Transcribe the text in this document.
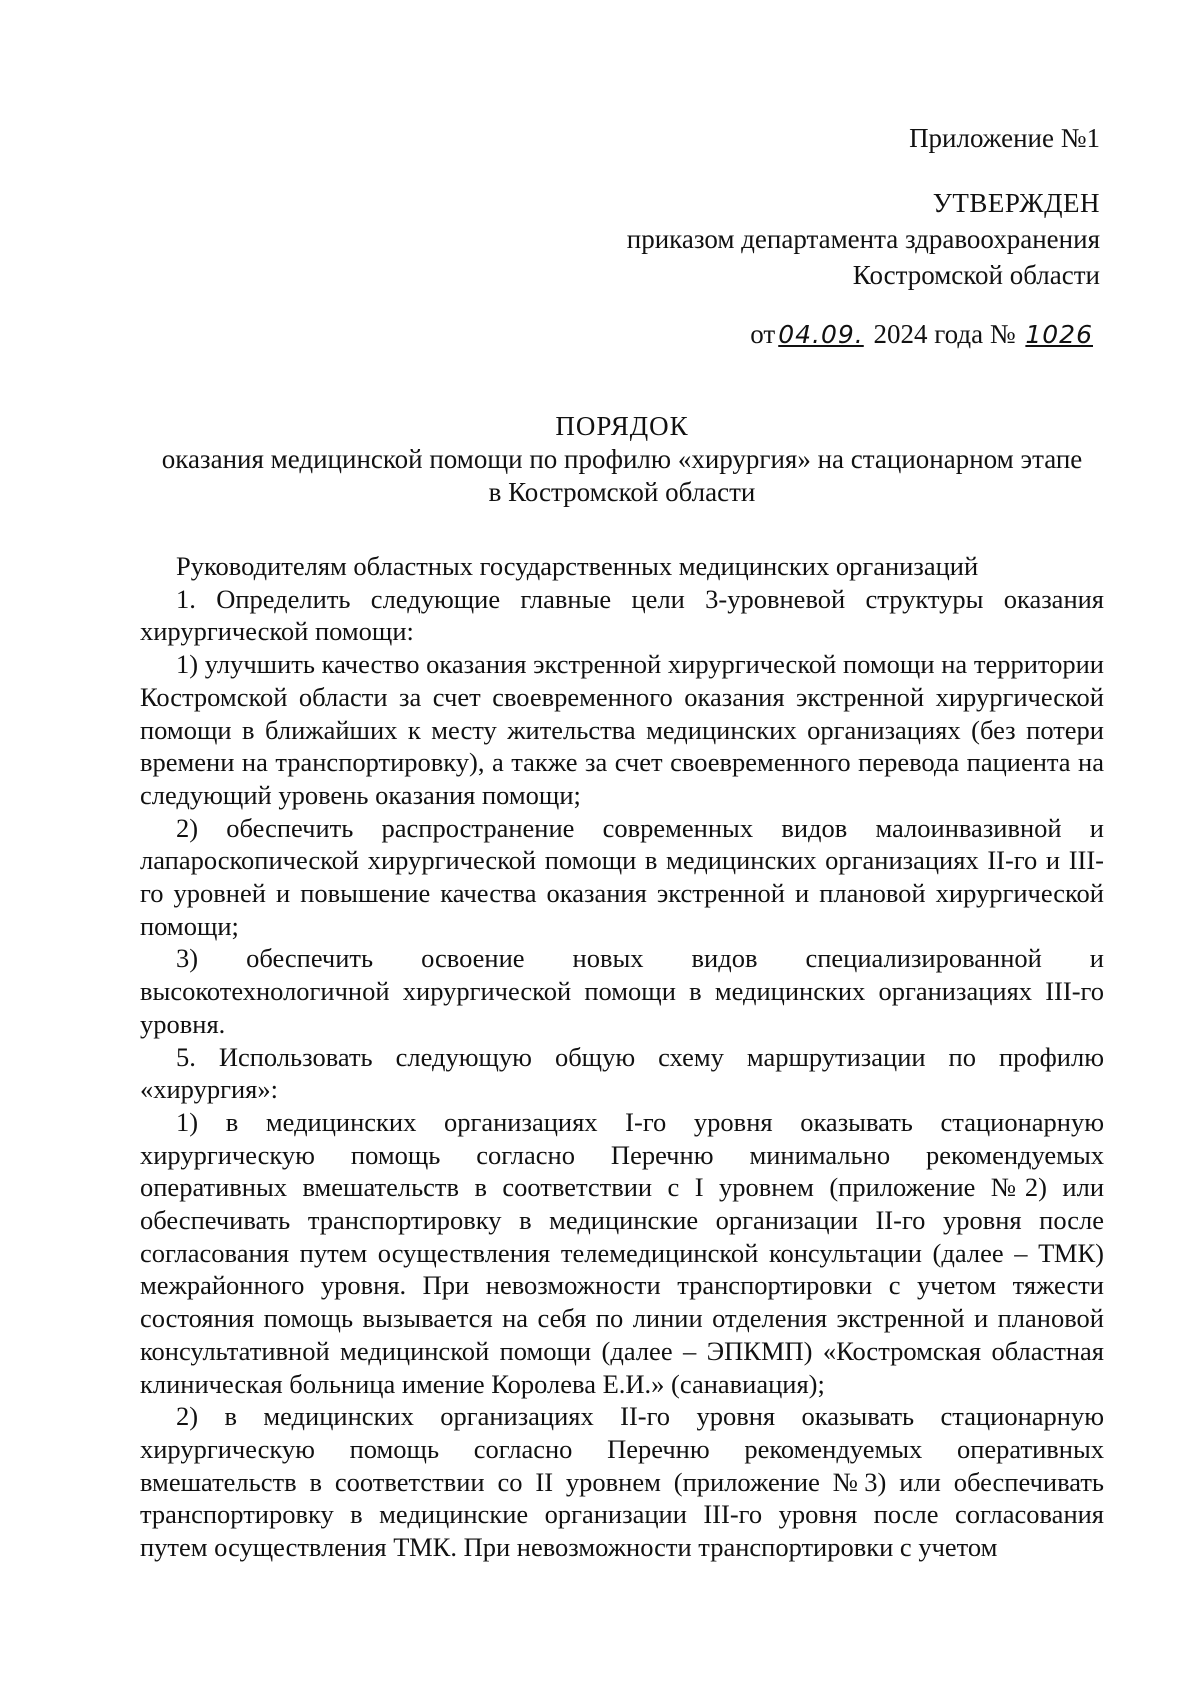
Приложение №1
УТВЕРЖДЕН
приказом департамента здравоохранения
Костромской области
от 04.09. 2024 года № 1026
ПОРЯДОК
оказания медицинской помощи по профилю «хирургия» на стационарном этапе
в Костромской области

Руководителям областных государственных медицинских организаций

1. Определить следующие главные цели 3-уровневой структуры оказания хирургической помощи:

1) улучшить качество оказания экстренной хирургической помощи на территории Костромской области за счет своевременного оказания экстренной хирургической помощи в ближайших к месту жительства медицинских организациях (без потери времени на транспортировку), а также за счет своевременного перевода пациента на следующий уровень оказания помощи;

2) обеспечить распространение современных видов малоинвазивной и лапароскопической хирургической помощи в медицинских организациях II-го и III-го уровней и повышение качества оказания экстренной и плановой хирургической помощи;

3) обеспечить освоение новых видов специализированной и высокотехнологичной хирургической помощи в медицинских организациях III-го уровня.

5. Использовать следующую общую схему маршрутизации по профилю «хирургия»:

1) в медицинских организациях I-го уровня оказывать стационарную хирургическую помощь согласно Перечню минимально рекомендуемых оперативных вмешательств в соответствии с I уровнем (приложение №2) или обеспечивать транспортировку в медицинские организации II-го уровня после согласования путем осуществления телемедицинской консультации (далее – ТМК) межрайонного уровня. При невозможности транспортировки с учетом тяжести состояния помощь вызывается на себя по линии отделения экстренной и плановой консультативной медицинской помощи (далее – ЭПКМП) «Костромская областная клиническая больница имение Королева Е.И.» (санавиация);

2) в медицинских организациях II-го уровня оказывать стационарную хирургическую помощь согласно Перечню рекомендуемых оперативных вмешательств в соответствии со II уровнем (приложение №3) или обеспечивать транспортировку в медицинские организации III-го уровня после согласования путем осуществления ТМК. При невозможности транспортировки с учетом
